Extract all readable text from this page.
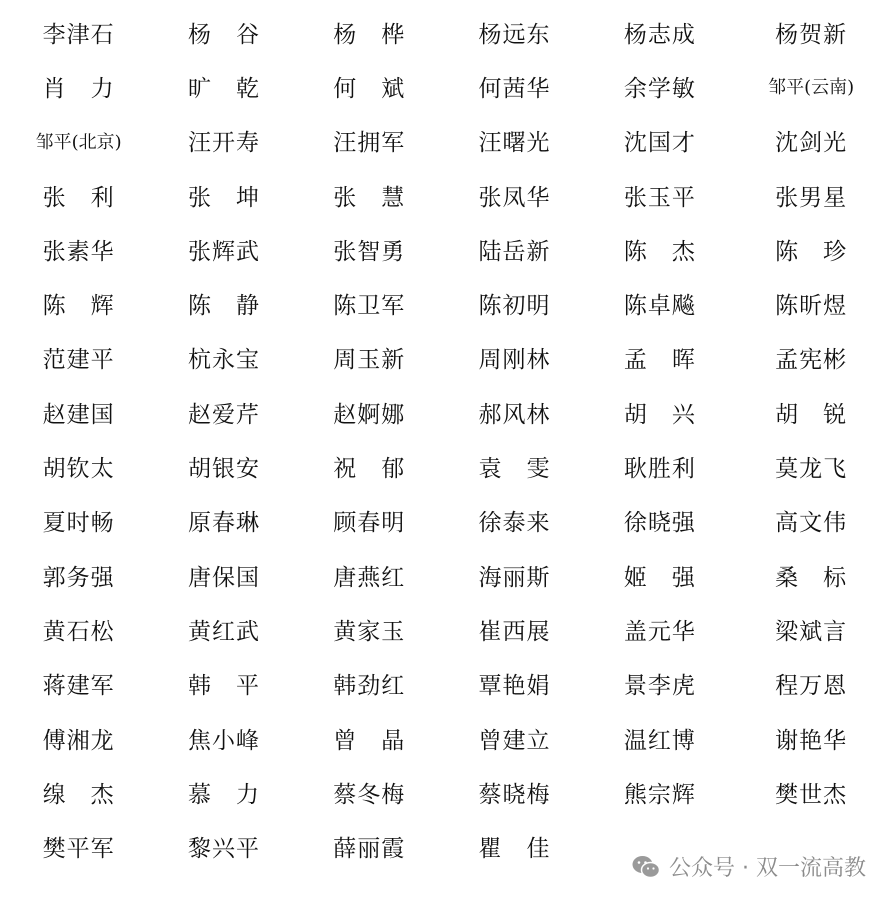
李津石	杨　谷	杨　桦	杨远东	杨志成	杨贺新
肖　力	旷　乾	何　斌	何茜华	余学敏	邹平(云南)
邹平(北京)	汪开寿	汪拥军	汪曙光	沈国才	沈剑光
张　利	张　坤	张　慧	张凤华	张玉平	张男星
张素华	张辉武	张智勇	陆岳新	陈　杰	陈　珍
陈　辉	陈　静	陈卫军	陈初明	陈卓飚	陈昕煜
范建平	杭永宝	周玉新	周刚林	孟　晖	孟宪彬
赵建国	赵爱芹	赵婀娜	郝风林	胡　兴	胡　锐
胡钦太	胡银安	祝　郁	袁　雯	耿胜利	莫龙飞
夏时畅	原春琳	顾春明	徐泰来	徐晓强	高文伟
郭务强	唐保国	唐燕红	海丽斯	姬　强	桑　标
黄石松	黄红武	黄家玉	崔西展	盖元华	梁斌言
蒋建军	韩　平	韩劲红	覃艳娟	景李虎	程万恩
傅湘龙	焦小峰	曾　晶	曾建立	温红博	谢艳华
缐　杰	慕　力	蔡冬梅	蔡晓梅	熊宗辉	樊世杰
樊平军	黎兴平	薛丽霞	瞿　佳
公众号 · 双一流高教
